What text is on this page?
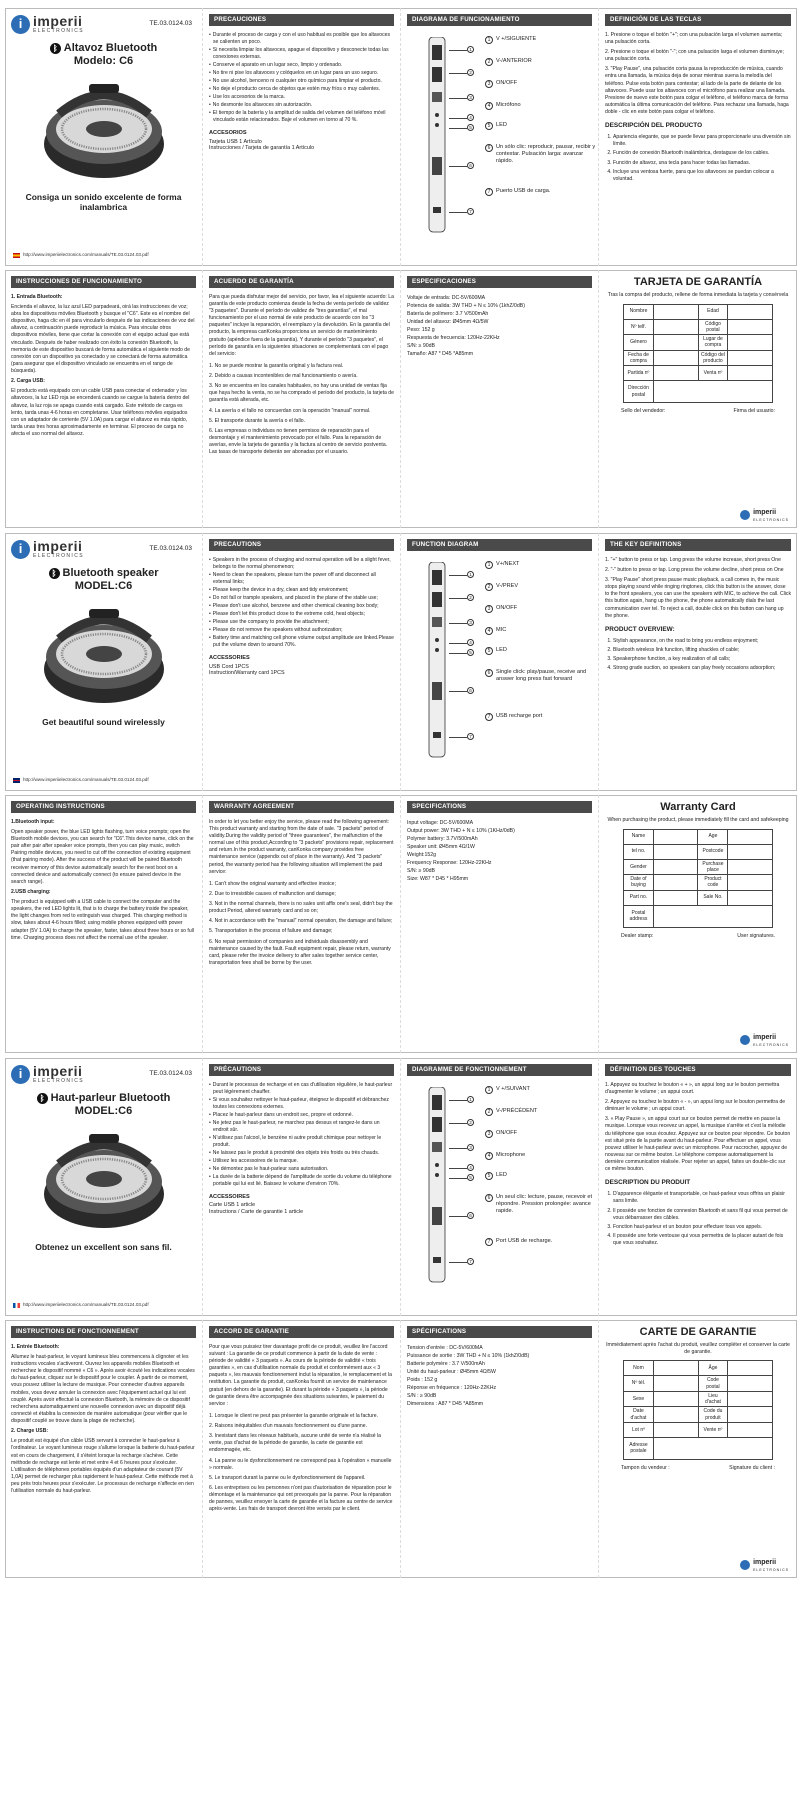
i imperii
ELECTRONICS
TE.03.0124.03
ᛒ Altavoz Bluetooth
Modelo: C6
Consiga un sonido excelente de forma inalambrica
http://www.imperiielectronics.com/manuals/TE.03.0124.03.pdf
PRECAUCIONES
• Durante el proceso de carga y con el uso habitual es posible que los altavoces se calienten un poco.
• Si necesita limpiar los altavoces, apague el dispositivo y desconecte todas las conexiones externas.
• Conserve el aparato en un lugar seco, limpio y ordenado.
• No tire ni pise los altavoces y colóquelos en un lugar para un uso seguro.
• No use alcohol, benceno ni cualquier otro químico para limpiar el producto.
• No deje el producto cerca de objetos que estén muy fríos o muy calientes.
• Use los accesorios de la marca.
• No desmonte los altavoces sin autorización.
• El tiempo de la batería y la amplitud de salida del volumen del teléfono móvil vinculado están relacionados. Baje el volumen en torno al 70 %.
ACCESORIOS
Tarjeta USB 1 Artículo
Instrucciones / Tarjeta de garantía 1 Artículo
DIAGRAMA DE FUNCIONAMIENTO
1	V +/SIGUIENTE
2	V-/ANTERIOR
3	ON/OFF
4	Micrófono
5	LED
6	Un sólo clic: reproducir, pausar, recibir y contestar. Pulsación larga: avanzar rápido.
7	Puerto USB de carga.
1
2
3
4
5
6
7
DEFINICIÓN DE LAS TECLAS
1. Presione o toque el botón "+"; con una pulsación larga el volumen aumenta; una pulsación corta.
2. Presione o toque el botón "-"; con una pulsación larga el volumen disminuye; una pulsación corta.
3. "Play Pause", una pulsación corta pausa la reproducción de música, cuando entra una llamada, la música deja de sonar mientras suena la melodía del teléfono. Pulse esta botón para contestar; al lado de la parte de delante de los altavoces. Puede usar los altavoces con el micrófono para realizar una llamada. Presione de nuevo este botón para colgar el teléfono, el teléfono marca de forma automática la última comunicación del teléfono. Para rechazar una llamada, haga doble - clic en este botón para colgar el teléfono.
DESCRIPCIÓN DEL PRODUCTO
1. Apariencia elegante, que se puede llevar para proporcionarle una diversión sin límite.
2. Función de conexión Bluetooth inalámbrica, destaguse de los cables.
3. Función de altavoz, una tecla para hacer todas las llamadas.
4. Incluye una ventosa fuerte, para que los altavoces se puedan colocar a voluntad.
INSTRUCCIONES DE FUNCIONAMIENTO
1. Entrada Bluetooth:
Encienda el altavoz, la luz azul LED parpadeará, oirá las instrucciones de voz; abra los dispositivos móviles Bluetooth y busque el "C6". Este es el nombre del dispositivo, haga clic en él para vincularlo después de las indicaciones de voz del altavoz, a continuación puede reproducir la música. Para vincular otros dispositivos móviles, tiene que cortar la conexión con el equipo actual que está vinculado. Después de haber realizado con éxito la conexión Bluetooth, la memoria de este dispositivo buscará de forma automática el siguiente modo de conexión con un dispositivo ya conectado y se conectará de forma automática (para asegurar que el dispositivo vinculado se encuentra en el rango de búsqueda).
2. Carga USB:
El producto está equipado con un cable USB para conectar el ordenador y los altavoces, la luz LED roja se encenderá cuando se cargue la batería dentro del altavoz, la luz roja se apaga cuando está cargado. Este método de carga es lento, tarda unas 4-6 horas en completarse. Usar teléfonos móviles equipados con un adaptador de corriente (5V 1.0A) para cargar el altavoz es más rápido, tarda unas tres horas aproximadamente en terminar. El proceso de carga no afecta el uso normal del altavoz.
ACUERDO DE GARANTÍA
Para que pueda disfrutar mejor del servicio, por favor, lea el siguiente acuerdo: La garantía de este producto comienza desde la fecha de venta período de validez "3 paquetes". Durante el período de validez de "tres garantías", el mal funcionamiento por el uso normal de este producto de acuerdo con los "3 paquetes" incluye la reparación, el reemplazo y la devolución. En la garantía del producto, la empresa canKonka proporciona un servicio de mantenimiento gratuito (apéndice fuera de la garantía). Y durante el período "3 paquetes", el período de garantía en la siguientes situaciones se complementará con el pago del servicio:
1. No se puede mostrar la garantía original y la factura real.
2. Debido a causas incontenibles de mal funcionamiento o avería.
3. No se encuentra en los canales habituales, no hay una unidad de ventas fija que haya hecho la venta, no se ha comprado el período del producto, la tarjeta de garantía está alterada, etc.
4. La avería o el fallo no concuerdan con la operación "manual" normal.
5. El transporte durante la avería o el fallo.
6. Las empresas o individuos no tienen permisos de reparación para el desmontaje y el mantenimiento provocado por el fallo. Para la reparación de averías, envíe la tarjeta de garantía y la factura al centro de servicio postventa. Las tasas de transporte deberán ser abonadas por el usuario.
ESPECIFICACIONES
Voltaje de entrada: DC-5V/600MA
Potencia de salida: 3W THD + N ≤ 10% (1khZ/0dB)
Batería de polímero: 3.7 V/500mAh
Unidad del altavoz: Ø45mm 4Ω/5W
Peso: 152 g
Respuesta de frecuencia: 120Hz-22KHz
S/N: ≥ 90dB
Tamaño: A87 * D45 *A85mm
TARJETA DE GARANTÍA
Tras la compra del producto, rellene de forma inmediata la tarjeta y consérvela
Nombre		Edad	
Nº telf.		Código postal	
Género		Lugar de compra	
Fecha de compra		Código del producto	
Partida nº		Venta nº	
Dirección postal			
Sello del vendedor:	Firma del usuario:
imperii
ELECTRONICS
i imperii
ELECTRONICS
TE.03.0124.03
ᛒ Bluetooth speaker
MODEL:C6
Get beautiful sound wirelessly
http://www.imperiielectronics.com/manuals/TE.03.0124.03.pdf
PRECAUTIONS
• Speakers in the process of charging and normal operation will be a slight fever, belongs to the normal phenomenon;
• Need to clean the speakers, please turn the power off and disconnect all external links;
• Please keep the device in a dry, clean and tidy environment;
• Do not fall or trample speakers, and placed in the plane of the stable use;
• Please don't use alcohol, benzene and other chemical cleaning box body;
• Please don't let this product close to the extreme cold, heat objects;
• Please use the company to provide the attachment;
• Please do not remove the speakers without authorization;
• Battery time and matching cell phone volume output amplitude are linked.Please put the volume down to around 70%.
ACCESSORIES
USB Cord 1PCS
Instruction/Warranty card 1PCS
FUNCTION DIAGRAM
1	V+/NEXT
2	V-/PREV
3	ON/OFF
4	MIC
5	LED
6	Single click: play/pause, receive and answer long press fast forward
7	USB recharge port
1
2
3
4
5
6
7
THE KEY DEFINITIONS
1. "+" button to press or tap. Long press the volume increase, short press One
2. "-" button to press or tap. Long press the volume decline, short press on One
3. "Play Pause" short press pause music playback, a call comes in, the music stops playing sound while ringing ringtones, click this button is the answer, close to the front speakers, you can use the speakers with MIC, to achieve the call. Click this button again, hang up the phone, the phone automatically dials the last communication over tel. To reject a call, double click on this button can hang up the phone.
PRODUCT OVERVIEW:
1. Stylish appearance, on the road to bring you endless enjoyment;
2. Bluetooth wireless link function, lifting shackles of cable;
3. Speakerphone function, a key realization of all calls;
4. Strong grade suction, so speakers can play freely occasions adsorption;
OPERATING INSTRUCTIONS
1.Bluetooth input:
Open speaker power, the blue LED lights flashing, turn voice prompts; open the Bluetooth mobile devices, you can search for "C6".This device name, click on the pair after pair after speaker voice prompts, then you can play music, switch Pairing mobile devices, you need to cut off the connection of existing equipment (that pairing mode). After the success of the product will be paired Bluetooth receiver memory of this device automatically search for the next boot on a connected device and automatically connect (to ensure paired device in the search range).
2.USB charging:
The product is equipped with a USB cable to connect the computer and the speakers, the red LED lights lit, that is to charge the battery inside the speaker, the light changes from red to extinguish was charged. This charging method is slow, takes about 4-6 hours filled; using mobile phones equipped with power adapter (5V 1.0A) to charge the speaker, faster, takes about three hours or so full time. Charging process does not affect the normal use of the speaker.
WARRANTY AGREEMENT
In order to let you better enjoy the service, please read the following agreement: This product warranty and starting from the date of sale. "3 packets" period of validity.During the validity period of "three guarantees", the malfunction of the normal use of this product,According to "3 packets" provisions repair, replacement and return.In the product warranty, canKonka company provides free maintenance service (appendix out of place in the warranty). And "3 packets" period, the warranty period has the following situation will implement the paid service:
1. Can't show the original warranty and effective invoice;
2. Due to irresistible causes of malfunction and damage;
3. Not in the normal channels, there is no sales unit affix one's seal, didn't buy the product Period, altered warranty card and so on;
4. Not in accordance with the "manual" normal operation, the damage and failure;
5. Transportation in the process of failure and damage;
6. No repair permission of companies and individuals disassembly and maintenance caused by the fault. Fault equipment repair, please return, warranty card, please refer the invoice delivery to after sales together service center, transportation fees shall be borne by the user.
SPECIFICATIONS
Input voltage: DC-5V/600MA
Output power: 3W THD + N ≤ 10% (1KHz/0dB)
Polymer battery: 3.7V/500mAh
Speaker unit: Ø45mm 4Ω/1W
Weight:152g
Frequency Response: 120Hz-22KHz
S/N: ≥ 90dB
Size: W87 * D45 * H95mm
Warranty Card
When purchasing the product, please immediately fill the card and safekeeping
Name		Age	
tel no.		Postcode	
Gender		Purchase place	
Date of buying		Product code	
Part no.		Sale No.	
Postal address			
Dealer stamp:	User signatures.
imperii
ELECTRONICS
i imperii
ELECTRONICS
TE.03.0124.03
ᛒ Haut-parleur Bluetooth
MODEL:C6
Obtenez un excellent son sans fil.
http://www.imperiielectronics.com/manuals/TE.03.0124.03.pdf
PRÉCAUTIONS
• Durant le processus de recharge et en cas d'utilisation régulière, le haut-parleur peut légèrement chauffer.
• Si vous souhaitez nettoyer le haut-parleur, éteignez le dispositif et débranchez toutes les connexions externes.
• Placez le haut-parleur dans un endroit sec, propre et ordonné.
• Ne jetez pas le haut-parleur, ne marchez pas dessus et rangez-le dans un endroit sûr.
• N'utilisez pas l'alcool, le benzène ni autre produit chimique pour nettoyer le produit.
• Ne laissez pas le produit à proximité des objets très froids ou très chauds.
• Utilisez les accessoires de la marque.
• Ne démontez pas le haut-parleur sans autorisation.
• La durée de la batterie dépend de l'amplitude de sortie du volume du téléphone portable qui lui est lié. Baissez le volume d'environ 70%.
ACCESSOIRES
Carte USB 1 article
Instructions / Carte de garantie 1 article
DIAGRAMME DE FONCTIONNEMENT
1	V +/SUIVANT
2	V-/PRÉCÉDENT
3	ON/OFF
4	Microphone
5	LED
6	Un seul clic: lecture, pause, recevoir et répondre. Pression prolongée: avance rapide.
7	Port USB de recharge.
1
2
3
4
5
6
7
DÉFINITION DES TOUCHES
1. Appuyez ou touchez le bouton « + », un appui long sur le bouton permettra d'augmenter le volume ; un appui court.
2. Appuyez ou touchez le bouton « - », un appui long sur le bouton permettra de diminuer le volume ; un appui court.
3. « Play Pause », un appui court sur ce bouton permet de mettre en pause la musique. Lorsque vous recevez un appel, la musique s'arrête et c'est la mélodie du téléphone que vous écoutez. Appuyez sur ce bouton pour répondre. Ce bouton est situé près de la partie avant du haut-parleur. Pour effectuer un appel, vous pouvez utiliser le haut-parleur avec un microphone. Pour raccrocher, appuyez de nouveau sur ce même bouton. Le téléphone compose automatiquement la dernière communication réalisée. Pour rejeter un appel, faites un double-clic sur ce même bouton.
DESCRIPTION DU PRODUIT
1. D'apparence élégante et transportable, ce haut-parleur vous offrira un plaisir sans limite.
2. Il possède une fonction de connexion Bluetooth et sans fil qui vous permet de vous débarrasser des câbles.
3. Fonction haut-parleur et un bouton pour effectuer tous vos appels.
4. Il possède une forte ventouse qui vous permettra de la placer autant de fois que vous souhaitez.
INSTRUCTIONS DE FONCTIONNEMENT
1. Entrée Bluetooth:
Allumez le haut-parleur, le voyant lumineux bleu commencera à clignoter et les instructions vocales s'activeront. Ouvrez les appareils mobiles Bluetooth et recherchez le dispositif nommé « C6 ». Après avoir écouté les indications vocales du haut-parleur, cliquez sur le dispositif pour le coupler. À partir de ce moment, vous pouvez utiliser la lecture de musique. Pour connecter d'autres appareils mobiles, vous devez annuler la connexion avec l'équipement actuel qui lui est couplé. Après avoir effectué la connexion Bluetooth, la mémoire de ce dispositif recherchera automatiquement une nouvelle connexion avec un dispositif déjà connecté et établira la connexion de manière automatique (pour vérifier que le dispositif couplé se trouve dans la plage de recherche).
2. Charge USB:
Le produit est équipé d'un câble USB servant à connecter le haut-parleur à l'ordinateur. Le voyant lumineux rouge s'allume lorsque la batterie du haut-parleur est en cours de chargement, il s'éteint lorsque la recharge s'achève. Cette méthode de recharge est lente et met entre 4 et 6 heures pour s'exécuter. L'utilisation de téléphones portables équipés d'un adaptateur de courant (5V 1,0A) permet de recharger plus rapidement le haut-parleur. Cette méthode met à peu près trois heures pour s'exécuter. Le processus de recharge n'affecte en rien l'utilisation normale du haut-parleur.
ACCORD DE GARANTIE
Pour que vous puissiez tirer davantage profit de ce produit, veuillez lire l'accord suivant : La garantie de ce produit commence à partir de la date de vente : période de validité « 3 paquets ». Au cours de la période de validité « trois garanties », en cas d'utilisation normale du produit et conformément aux « 3 paquets », les mauvais fonctionnement inclut la réparation, le remplacement et la restitution. La garantie du produit, canKonka fournit un service de maintenance gratuit (en dehors de la garantie). Et durant la période « 3 paquets », la période de garantie devra être accompagnée des situations suivantes, le paiement du service :
1. Lorsque le client ne peut pas présenter la garantie originale et la facture.
2. Raisons inéquitables d'un mauvais fonctionnement ou d'une panne.
3. Inexistant dans les réseaux habituels, aucune unité de vente n'a réalisé la vente, pas d'achat de la période de garantie, la carte de garantie est endommagée, etc.
4. La panne ou le dysfonctionnement ne correspond pas à l'opération « manuelle » normale.
5. Le transport durant la panne ou le dysfonctionnement de l'appareil.
6. Les entreprises ou les personnes n'ont pas d'autorisation de réparation pour le démontage et la maintenance qui ont provoqués par la panne. Pour la réparation de pannes, veuillez envoyer la carte de garantie et la facture au centre de service après-vente. Les frais de transport devront être versés par le client.
SPÉCIFICATIONS
Tension d'entrée : DC-5V/600MA
Puissance de sortie : 3W THD + N ≤ 10% (1khZ/0dB)
Batterie polymère : 3.7 V/500mAh
Unité du haut-parleur : Ø45mm 4Ω/5W
Poids : 152 g
Réponse en fréquence : 120Hz-22KHz
S/N : ≥ 90dB
Dimensions : A87 * D45 *A85mm
CARTE DE GARANTIE
Immédiatement après l'achat du produit, veuillez compléter et conserver la carte de garantie.
Nom		Âge	
Nº tél.		Code postal	
Sexe		Lieu d'achat	
Date d'achat		Code du produit	
Lot nº		Vente nº	
Adresse postale			
Tampon du vendeur :	Signature du client :
imperii
ELECTRONICS
